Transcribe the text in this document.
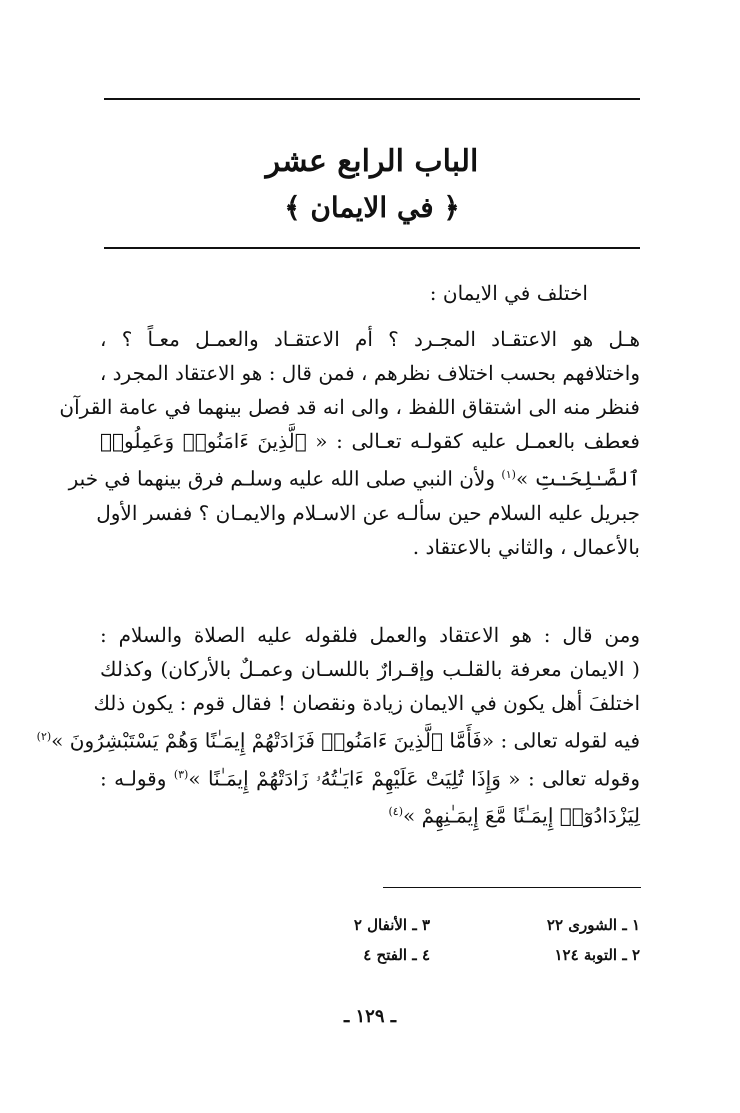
الباب الرابع عشر
﴿ في الايمان ﴾
اختلف في الايمان :
هـل هو الاعتقـاد المجـرد ؟ أم الاعتقـاد والعمـل معـاً ؟ ،
واختلافهم بحسب اختلاف نظرهم ، فمن قال : هو الاعتقاد المجرد ،
فنظر منه الى اشتقاق اللفظ ، والى انه قد فصل بينهما في عامة القرآن
فعطف بالعمـل عليه كقولـه تعـالى : « ٱلَّذِينَ ءَامَنُوا۟ وَعَمِلُوا۟
ٱلصَّـٰلِحَـٰتِ »$^{(١)}$ ولأن النبي صلى الله عليه وسلـم فرق بينهما في خبر
جبريل عليه السلام حين سألـه عن الاسـلام والايمـان ؟ ففسر الأول
بالأعمال ، والثاني بالاعتقاد .
ومن قال : هو الاعتقاد والعمل فلقوله عليه الصلاة والسلام :
( الايمان معرفة بالقلـب وإقـرارٌ باللسـان وعمـلٌ بالأركان) وكذلك
اختلفَ أهل يكون في الايمان زيادة ونقصان ! فقال قوم : يكون ذلك
فيه لقوله تعالى : «فَأَمَّا ٱلَّذِينَ ءَامَنُوا۟ فَزَادَتْهُمْ إِيمَـٰنًا وَهُمْ يَسْتَبْشِرُونَ »$^{(٢)}$
وقوله تعالى : « وَإِذَا تُلِيَتْ عَلَيْهِمْ ءَايَـٰتُهُۥ زَادَتْهُمْ إِيمَـٰنًا »$^{(٣)}$ وقولـه :
لِيَزْدَادُوٓا۟ إِيمَـٰنًا مَّعَ إِيمَـٰنِهِمْ »$^{(٤)}$
١ ـ الشورى ٢٢
٣ ـ الأنفال ٢
٢ ـ التوبة ١٢٤
٤ ـ الفتح ٤
ـ ١٢٩ ـ
